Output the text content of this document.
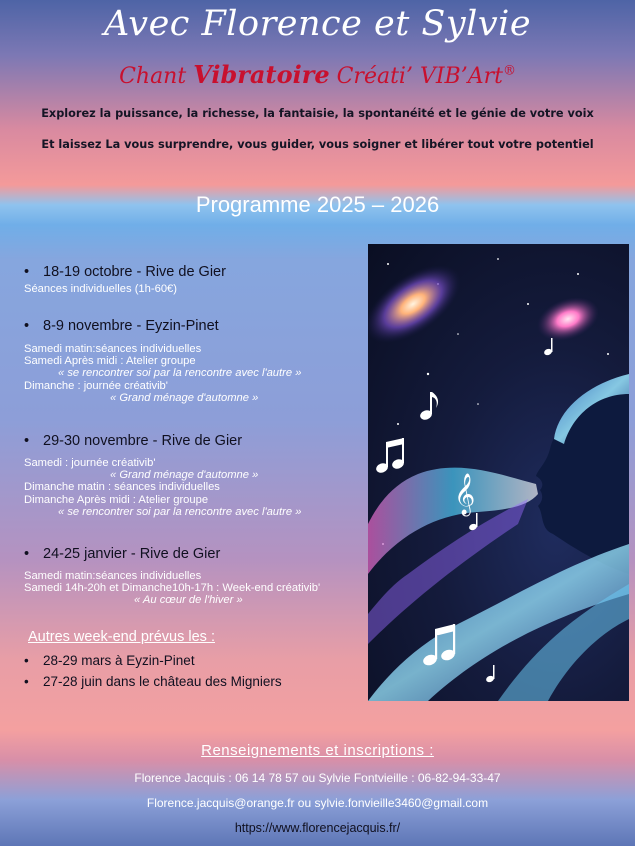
Avec Florence et Sylvie
Chant Vibratoire Créati’ VIB’Art®
Explorez la puissance, la richesse, la fantaisie, la spontanéité et le génie de votre voix
Et laissez La vous surprendre, vous guider, vous soigner et libérer tout votre potentiel
Programme 2025 – 2026
• 18-19 octobre - Rive de Gier
Séances individuelles (1h-60€)
• 8-9 novembre - Eyzin-Pinet
Samedi matin:séances individuelles
Samedi Après midi : Atelier groupe
« se rencontrer soi par la rencontre avec l'autre »
Dimanche : journée créativib'
« Grand ménage d'automne »
• 29-30 novembre - Rive de Gier
Samedi : journée créativib'
« Grand ménage d'automne »
Dimanche matin : séances individuelles
Dimanche Après midi : Atelier groupe
« se rencontrer soi par la rencontre avec l'autre »
• 24-25 janvier - Rive de Gier
Samedi matin:séances individuelles
Samedi 14h-20h et Dimanche10h-17h : Week-end créativib'
« Au cœur de l'hiver »
Autres week-end prévus les :
• 28-29 mars à Eyzin-Pinet
• 27-28 juin dans le château des Migniers
𝄞
Renseignements et inscriptions :
Florence Jacquis : 06 14 78 57 ou Sylvie Fontvieille : 06-82-94-33-47
Florence.jacquis@orange.fr ou sylvie.fonvieille3460@gmail.com
https://www.florencejacquis.fr/
